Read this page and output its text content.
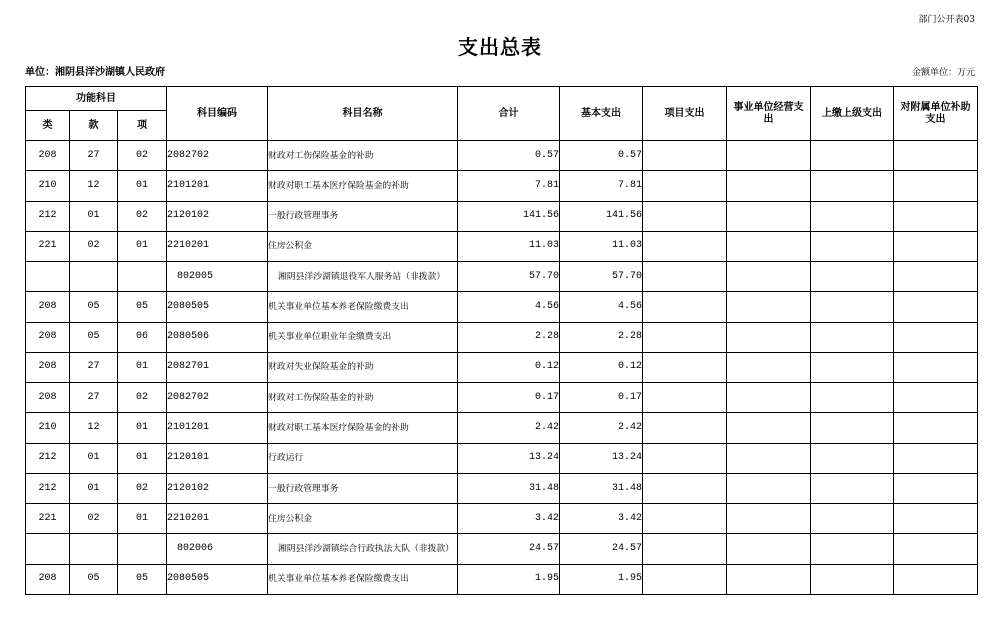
部门公开表03
支出总表
单位：湘阴县洋沙湖镇人民政府	金额单位：万元
功能科目			科目编码	科目名称	合计	基本支出	项目支出	事业单位经营支出	上缴上级支出	对附属单位补助支出
类	款	项								
208	27	02	2082702	财政对工伤保险基金的补助	0.57	0.57				
210	12	01	2101201	财政对职工基本医疗保险基金的补助	7.81	7.81				
212	01	02	2120102	一般行政管理事务	141.56	141.56				
221	02	01	2210201	住房公积金	11.03	11.03				
			802005	湘阴县洋沙湖镇退役军人服务站（非拨款）	57.70	57.70				
208	05	05	2080505	机关事业单位基本养老保险缴费支出	4.56	4.56				
208	05	06	2080506	机关事业单位职业年金缴费支出	2.28	2.28				
208	27	01	2082701	财政对失业保险基金的补助	0.12	0.12				
208	27	02	2082702	财政对工伤保险基金的补助	0.17	0.17				
210	12	01	2101201	财政对职工基本医疗保险基金的补助	2.42	2.42				
212	01	01	2120101	行政运行	13.24	13.24				
212	01	02	2120102	一般行政管理事务	31.48	31.48				
221	02	01	2210201	住房公积金	3.42	3.42				
			802006	湘阴县洋沙湖镇综合行政执法大队（非拨款）	24.57	24.57				
208	05	05	2080505	机关事业单位基本养老保险缴费支出	1.95	1.95				
